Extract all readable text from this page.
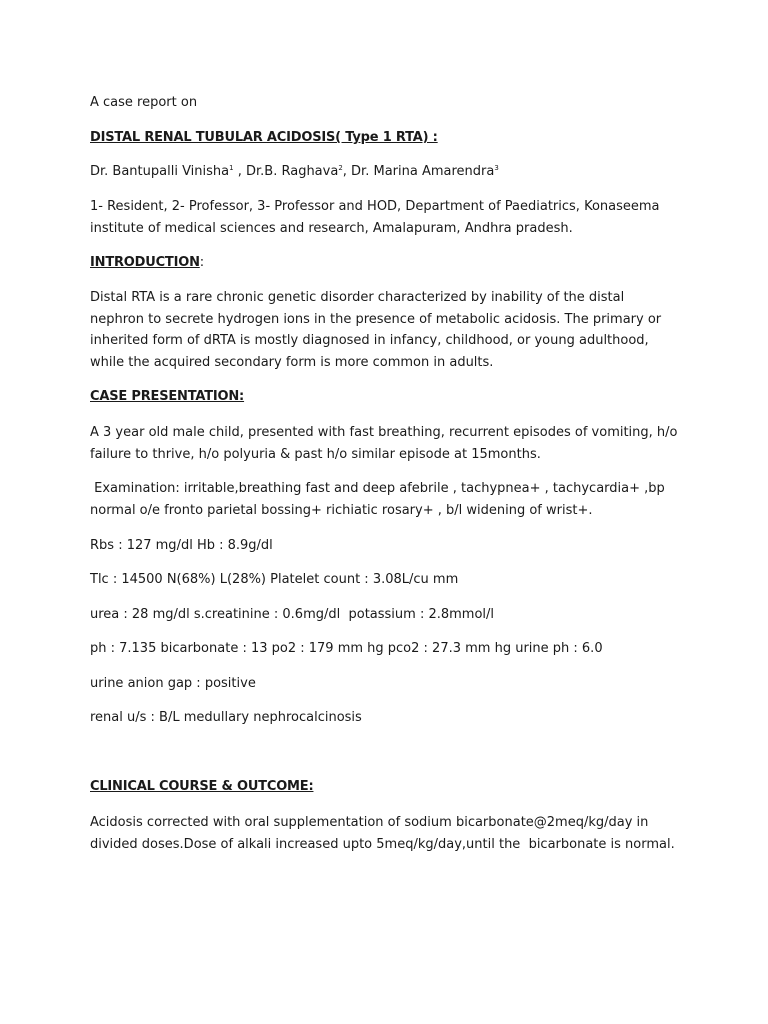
A case report on
DISTAL RENAL TUBULAR ACIDOSIS( Type 1 RTA) :
Dr. Bantupalli Vinisha$^1$ , Dr.B. Raghava$^2$, Dr. Marina Amarendra$^3$
1- Resident, 2- Professor, 3- Professor and HOD, Department of Paediatrics, Konaseema institute of medical sciences and research, Amalapuram, Andhra pradesh.
INTRODUCTION:
Distal RTA is a rare chronic genetic disorder characterized by inability of the distal nephron to secrete hydrogen ions in the presence of metabolic acidosis. The primary or inherited form of dRTA is mostly diagnosed in infancy, childhood, or young adulthood, while the acquired secondary form is more common in adults.
CASE PRESENTATION:
A 3 year old male child, presented with fast breathing, recurrent episodes of vomiting, h/o failure to thrive, h/o polyuria & past h/o similar episode at 15months.
Examination: irritable,breathing fast and deep afebrile , tachypnea+ , tachycardia+ ,bp normal o/e fronto parietal bossing+ richiatic rosary+ , b/l widening of wrist+.
Rbs : 127 mg/dl Hb : 8.9g/dl
Tlc : 14500 N(68%) L(28%) Platelet count : 3.08L/cu mm
urea : 28 mg/dl s.creatinine : 0.6mg/dl  potassium : 2.8mmol/l
ph : 7.135 bicarbonate : 13 po2 : 179 mm hg pco2 : 27.3 mm hg urine ph : 6.0
urine anion gap : positive
renal u/s : B/L medullary nephrocalcinosis
CLINICAL COURSE & OUTCOME:
Acidosis corrected with oral supplementation of sodium bicarbonate@2meq/kg/day in divided doses.Dose of alkali increased upto 5meq/kg/day,until the  bicarbonate is normal.
